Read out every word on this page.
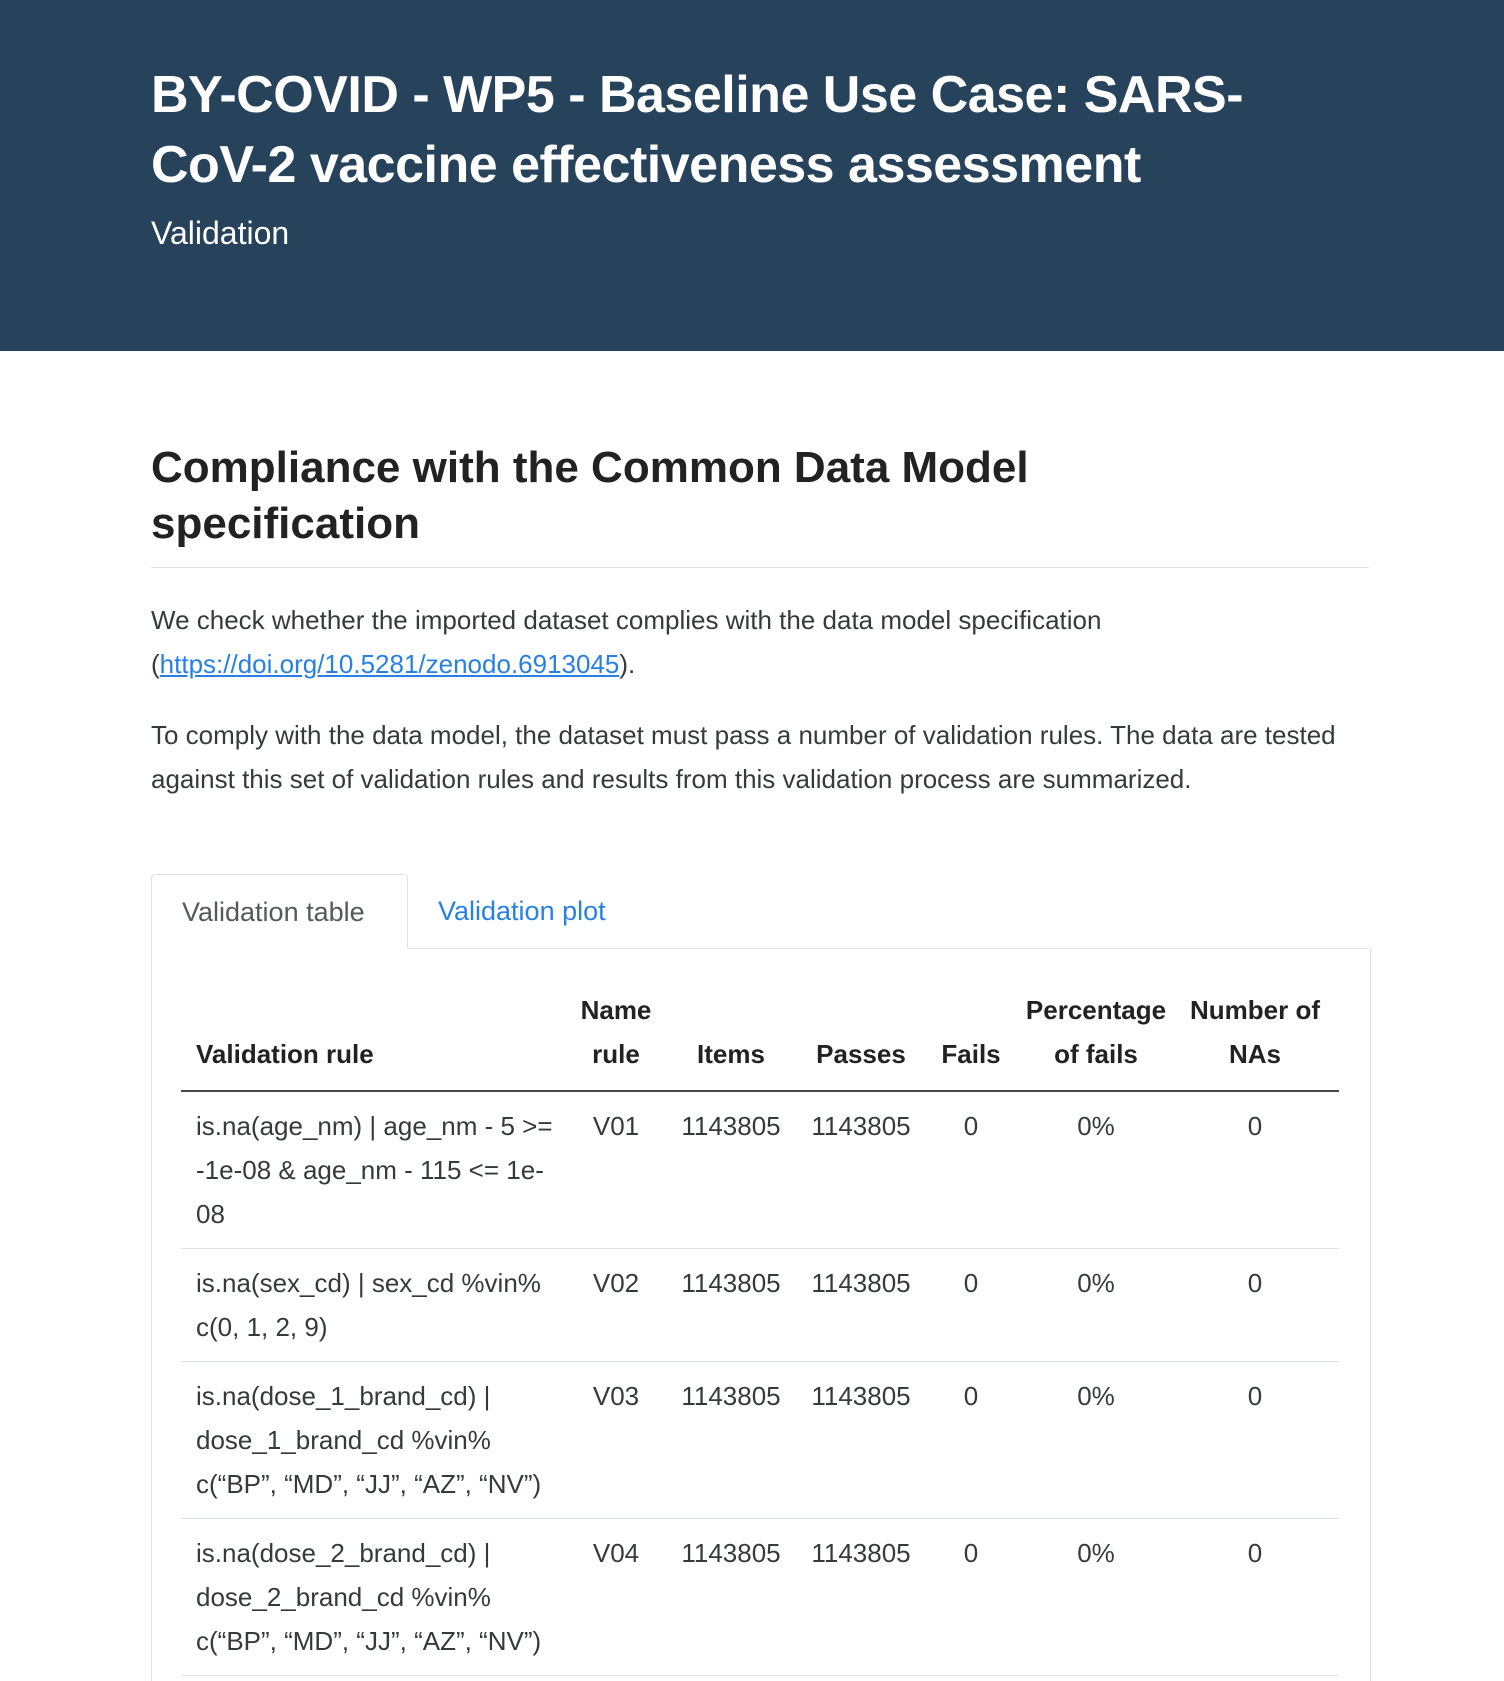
BY-COVID - WP5 - Baseline Use Case: SARS-CoV-2 vaccine effectiveness assessment
Validation
Compliance with the Common Data Model specification

We check whether the imported dataset complies with the data model specification (https://doi.org/10.5281/zenodo.6913045).

To comply with the data model, the dataset must pass a number of validation rules. The data are tested against this set of validation rules and results from this validation process are summarized.

Validation table	Validation plot
Validation rule	Name rule	Items	Passes	Fails	Percentage of fails	Number of NAs
is.na(age_nm) | age_nm - 5 >= -1e-08 & age_nm - 115 <= 1e-08	V01	1143805	1143805	0	0%	0
is.na(sex_cd) | sex_cd %vin% c(0, 1, 2, 9)	V02	1143805	1143805	0	0%	0
is.na(dose_1_brand_cd) | dose_1_brand_cd %vin% c(“BP”, “MD”, “JJ”, “AZ”, “NV”)	V03	1143805	1143805	0	0%	0
is.na(dose_2_brand_cd) | dose_2_brand_cd %vin% c(“BP”, “MD”, “JJ”, “AZ”, “NV”)	V04	1143805	1143805	0	0%	0
